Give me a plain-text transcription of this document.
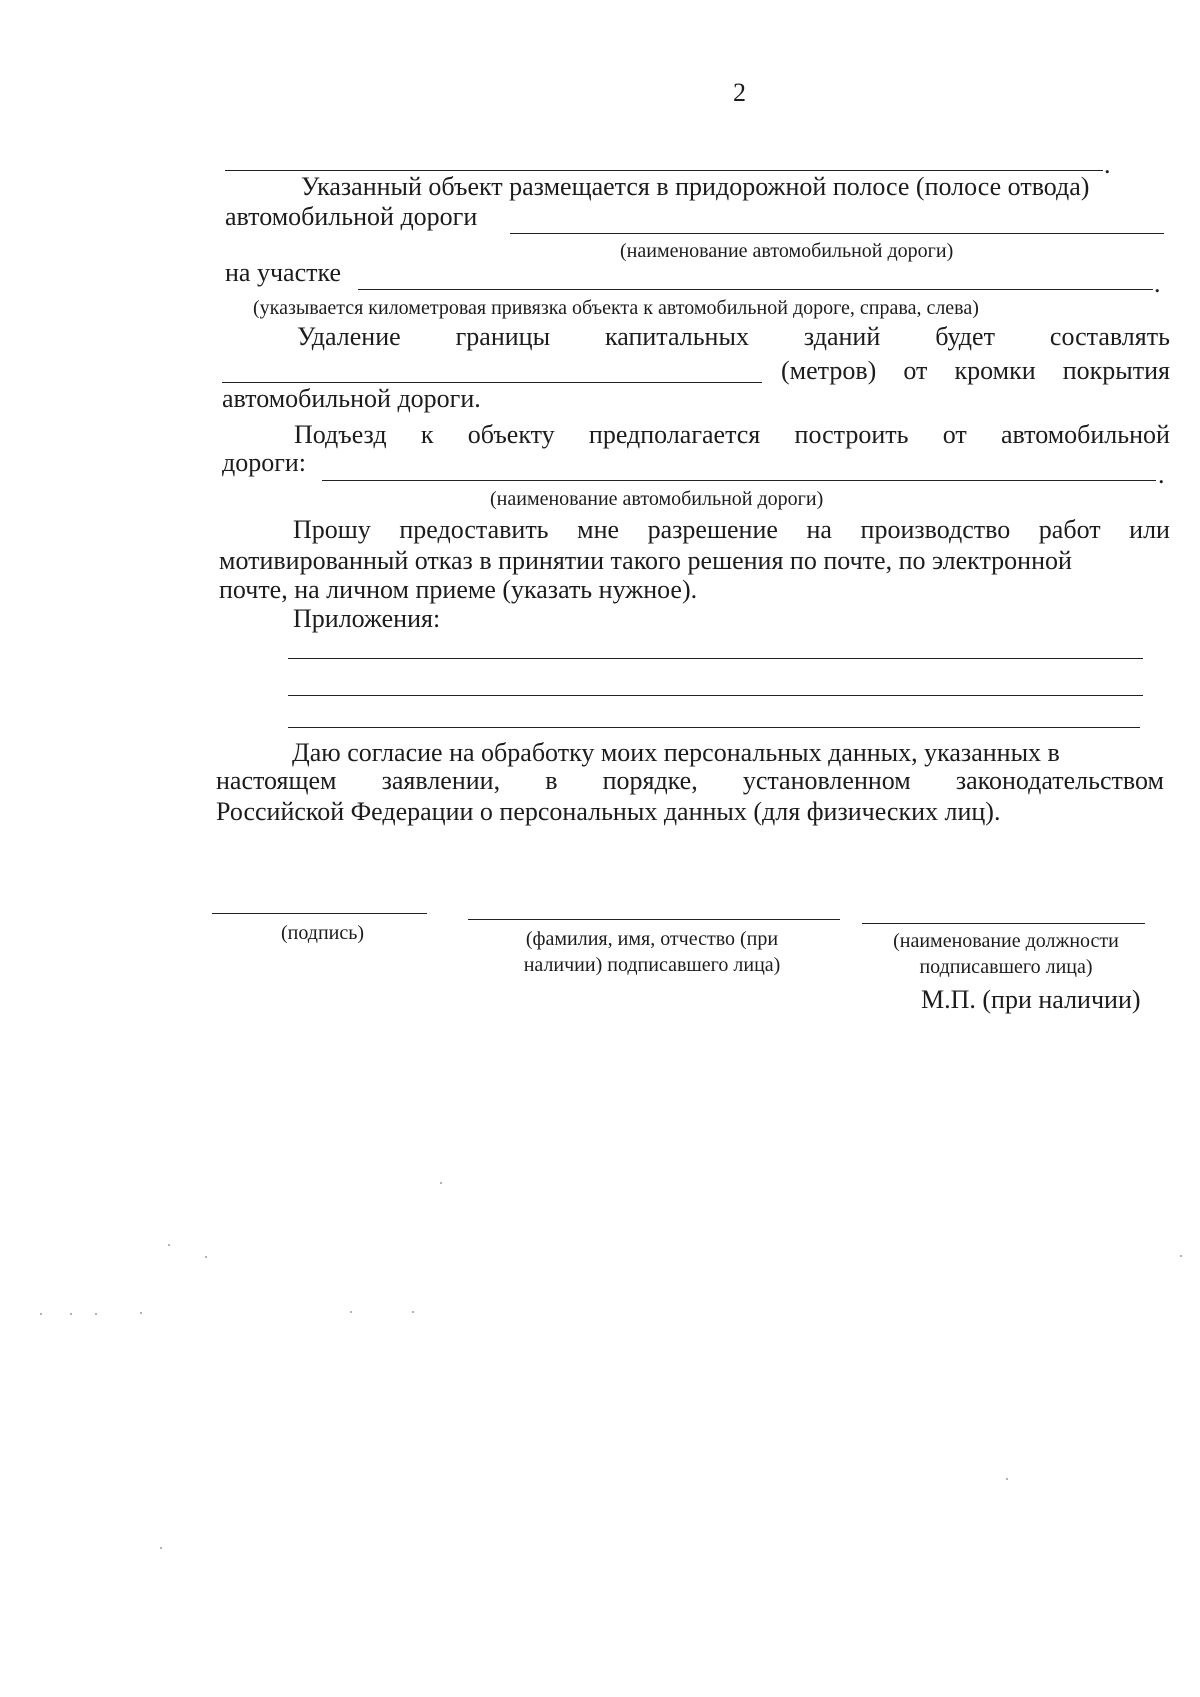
2
.
Указанный объект размещается в придорожной полосе (полосе отвода)
автомобильной дороги
(наименование автомобильной дороги)
на участке	.
(указывается километровая привязка объекта к автомобильной дороге, справа, слева)
Удаление границы капитальных зданий будет составлять
(метров) от кромки покрытия
автомобильной дороги.
Подъезд к объекту предполагается построить от автомобильной
дороги:	.
(наименование автомобильной дороги)
Прошу предоставить мне разрешение на производство работ или
мотивированный отказ в принятии такого решения по почте, по электронной
почте, на личном приеме (указать нужное).
Приложения:
Даю согласие на обработку моих персональных данных, указанных в
настоящем заявлении, в порядке, установленном законодательством
Российской Федерации о персональных данных (для физических лиц).
(подпись)	(фамилия, имя, отчество (при
наличии) подписавшего лица)
(наименование должности
подписавшего лица)
М.П. (при наличии)
